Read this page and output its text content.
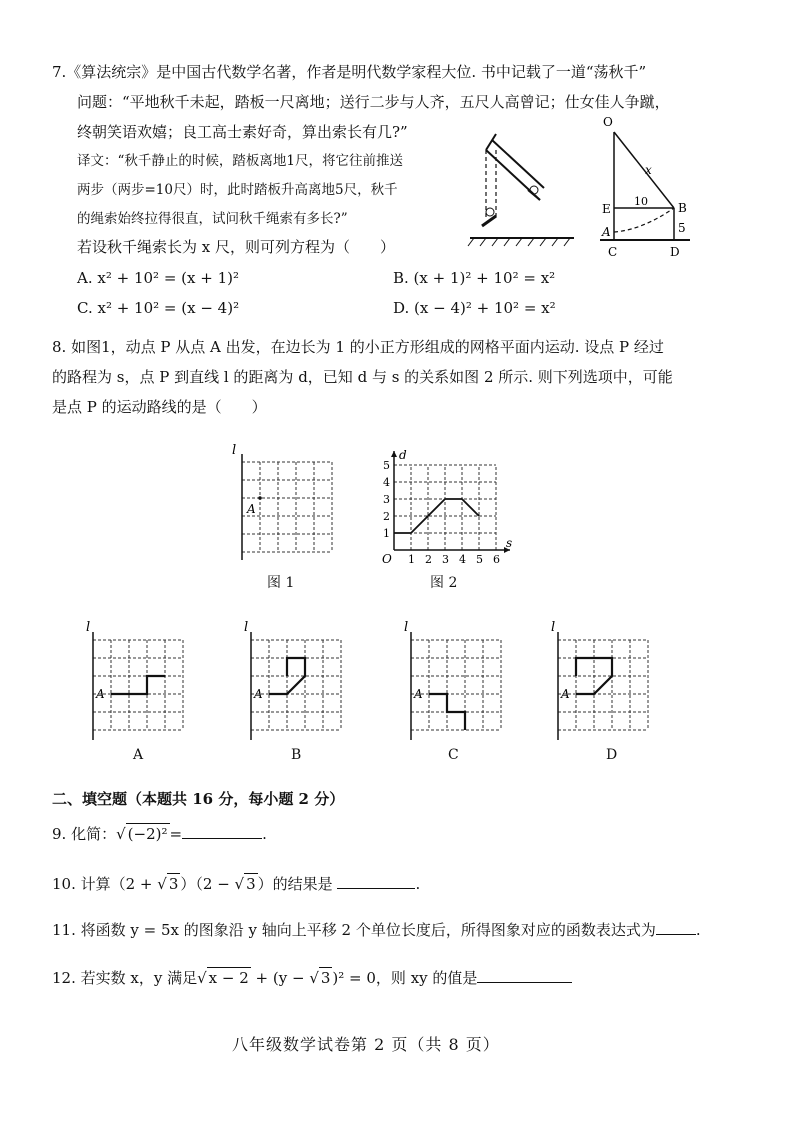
7.《算法统宗》是中国古代数学名著，作者是明代数学家程大位. 书中记载了一道“荡秋千”
问题：“平地秋千未起，踏板一尺离地；送行二步与人齐，五尺人高曾记；仕女佳人争蹴，
终朝笑语欢嬉；良工高士素好奇，算出索长有几?”
译文：“秋千静止的时候，踏板离地1尺，将它往前推送
两步（两步=10尺）时，此时踏板升高离地5尺，秋千
的绳索始终拉得很直，试问秋千绳索有多长?”
若设秋千绳索长为 x 尺，则可列方程为（　　）
A. x² + 10² = (x + 1)²	B. (x + 1)² + 10² = x²
C. x² + 10² = (x − 4)²	D. (x − 4)² + 10² = x²
O
x
10	B
E
A	5
C	D
8. 如图1，动点 P 从点 A 出发，在边长为 1 的小正方形组成的网格平面内运动. 设点 P 经过
的路程为 s，点 P 到直线 l 的距离为 d，已知 d 与 s 的关系如图 2 所示. 则下列选项中，可能
是点 P 的运动路线的是（　　）
l
A
图 1
1 2 3 4 5 6
1
2
3
4
5
O
d
s
图 2
l
A
l
A
l
A
l
A
A	B	C	D
二、填空题（本题共 16 分，每小题 2 分）
9. 化简：√ (−2)² =	.
10. 计算（2 + √ 3 ）（2 − √ 3 ）的结果是	.
11. 将函数 y = 5x 的图象沿 y 轴向上平移 2 个单位长度后，所得图象对应的函数表达式为	.
12. 若实数 x，y 满足√ x − 2 + (y − √ 3 )² = 0，则 xy 的值是
八年级数学试卷第 2 页（共 8 页）
